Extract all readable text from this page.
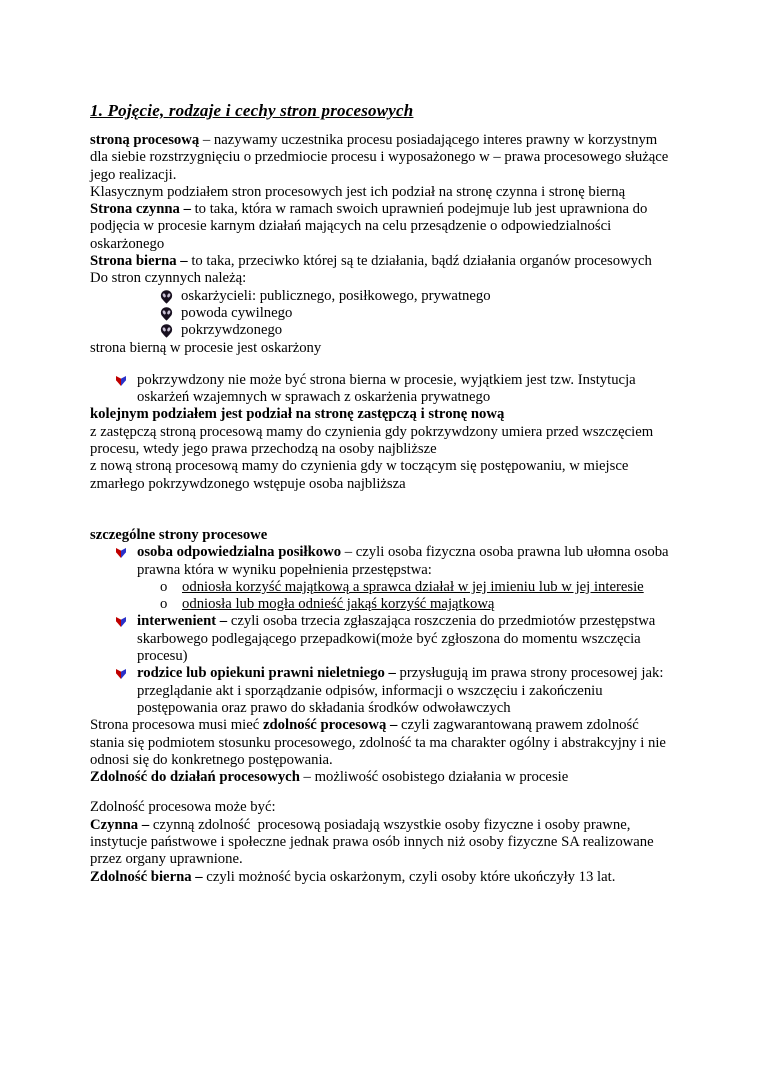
1. Pojęcie, rodzaje i cechy stron procesowych

stroną procesową – nazywamy uczestnika procesu posiadającego interes prawny w korzystnym dla siebie rozstrzygnięciu o przedmiocie procesu i wyposażonego w – prawa procesowego służące jego realizacji.

Klasycznym podziałem stron procesowych jest ich podział na stronę czynna i stronę bierną

Strona czynna – to taka, która w ramach swoich uprawnień podejmuje lub jest uprawniona do podjęcia w procesie karnym działań mających na celu przesądzenie o odpowiedzialności oskarżonego

Strona bierna – to taka, przeciwko której są te działania, bądź działania organów procesowych

Do stron czynnych należą:

oskarżycieli: publicznego, posiłkowego, prywatnego
powoda cywilnego
pokrzywdzonego

strona bierną w procesie jest oskarżony

pokrzywdzony nie może być strona bierna w procesie, wyjątkiem jest tzw. Instytucja oskarżeń wzajemnych w sprawach z oskarżenia prywatnego

kolejnym podziałem jest podział na stronę zastępczą i stronę nową

z zastępczą stroną procesową mamy do czynienia gdy pokrzywdzony umiera przed wszczęciem procesu, wtedy jego prawa przechodzą na osoby najbliższe

z nową stroną procesową mamy do czynienia gdy w toczącym się postępowaniu, w miejsce zmarłego pokrzywdzonego wstępuje osoba najbliższa

szczególne strony procesowe

osoba odpowiedzialna posiłkowo – czyli osoba fizyczna osoba prawna lub ułomna osoba prawna która w wyniku popełnienia przestępstwa:
o odniosła korzyść majątkową a sprawca działał w jej imieniu lub w jej interesie
o odniosła lub mogła odnieść jakąś korzyść majątkową
interwenient – czyli osoba trzecia zgłaszająca roszczenia do przedmiotów przestępstwa skarbowego podlegającego przepadkowi(może być zgłoszona do momentu wszczęcia procesu)
rodzice lub opiekuni prawni nieletniego – przysługują im prawa strony procesowej jak: przeglądanie akt i sporządzanie odpisów, informacji o wszczęciu i zakończeniu postępowania oraz prawo do składania środków odwoławczych

Strona procesowa musi mieć zdolność procesową – czyli zagwarantowaną prawem zdolność stania się podmiotem stosunku procesowego, zdolność ta ma charakter ogólny i abstrakcyjny i nie odnosi się do konkretnego postępowania.

Zdolność do działań procesowych – możliwość osobistego działania w procesie

Zdolność procesowa może być:

Czynna – czynną zdolność  procesową posiadają wszystkie osoby fizyczne i osoby prawne, instytucje państwowe i społeczne jednak prawa osób innych niż osoby fizyczne SA realizowane przez organy uprawnione.

Zdolność bierna – czyli możność bycia oskarżonym, czyli osoby które ukończyły 13 lat.
